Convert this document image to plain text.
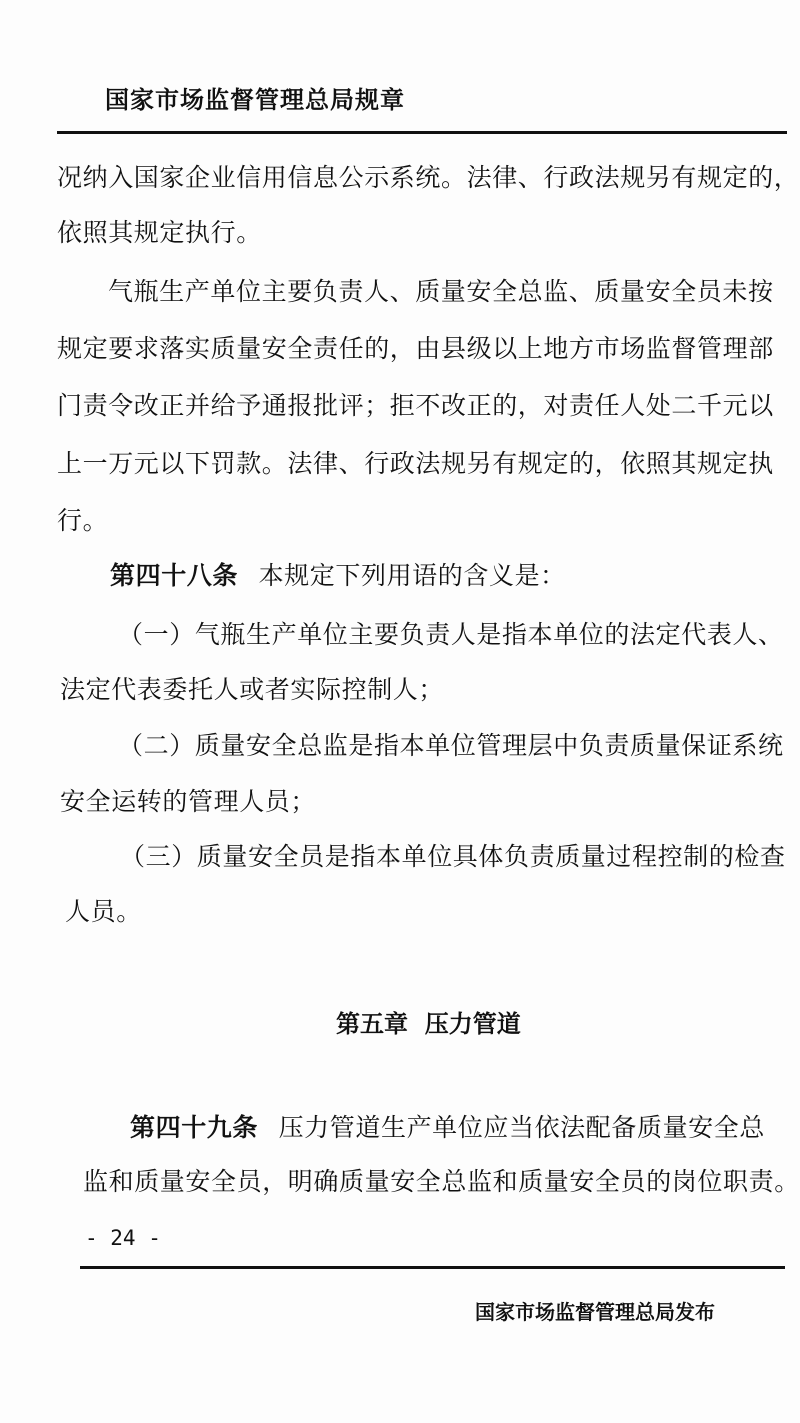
国家市场监督管理总局规章
况纳入国家企业信用信息公示系统。法律、行政法规另有规定的，
依照其规定执行。
气瓶生产单位主要负责人、质量安全总监、质量安全员未按
规定要求落实质量安全责任的，由县级以上地方市场监督管理部
门责令改正并给予通报批评；拒不改正的，对责任人处二千元以
上一万元以下罚款。法律、行政法规另有规定的，依照其规定执
行。
第四十八条 本规定下列用语的含义是：
（一）气瓶生产单位主要负责人是指本单位的法定代表人、
法定代表委托人或者实际控制人；
（二）质量安全总监是指本单位管理层中负责质量保证系统
安全运转的管理人员；
（三）质量安全员是指本单位具体负责质量过程控制的检查
人员。
第五章  压力管道
第四十九条 压力管道生产单位应当依法配备质量安全总
监和质量安全员，明确质量安全总监和质量安全员的岗位职责。
- 24 -
国家市场监督管理总局发布
